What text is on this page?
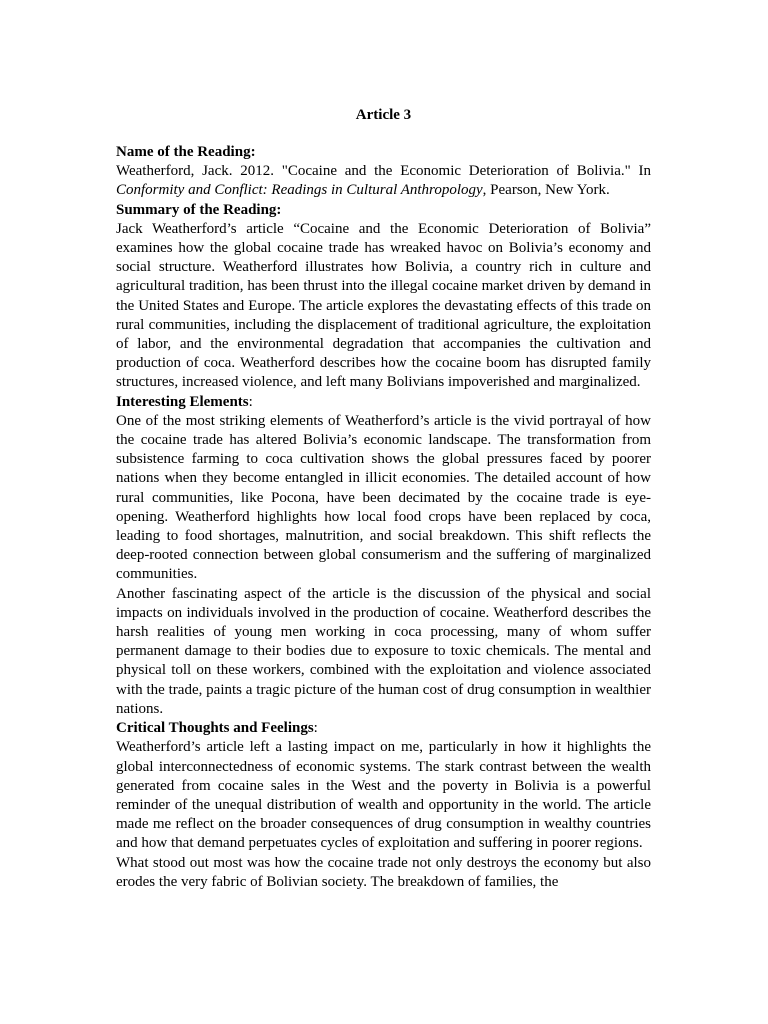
Article 3

Name of the Reading:

Weatherford, Jack. 2012. "Cocaine and the Economic Deterioration of Bolivia." In Conformity and Conflict: Readings in Cultural Anthropology, Pearson, New York.

Summary of the Reading:

Jack Weatherford’s article “Cocaine and the Economic Deterioration of Bolivia” examines how the global cocaine trade has wreaked havoc on Bolivia’s economy and social structure. Weatherford illustrates how Bolivia, a country rich in culture and agricultural tradition, has been thrust into the illegal cocaine market driven by demand in the United States and Europe. The article explores the devastating effects of this trade on rural communities, including the displacement of traditional agriculture, the exploitation of labor, and the environmental degradation that accompanies the cultivation and production of coca. Weatherford describes how the cocaine boom has disrupted family structures, increased violence, and left many Bolivians impoverished and marginalized.

Interesting Elements:

One of the most striking elements of Weatherford’s article is the vivid portrayal of how the cocaine trade has altered Bolivia’s economic landscape. The transformation from subsistence farming to coca cultivation shows the global pressures faced by poorer nations when they become entangled in illicit economies. The detailed account of how rural communities, like Pocona, have been decimated by the cocaine trade is eye-opening. Weatherford highlights how local food crops have been replaced by coca, leading to food shortages, malnutrition, and social breakdown. This shift reflects the deep-rooted connection between global consumerism and the suffering of marginalized communities.

Another fascinating aspect of the article is the discussion of the physical and social impacts on individuals involved in the production of cocaine. Weatherford describes the harsh realities of young men working in coca processing, many of whom suffer permanent damage to their bodies due to exposure to toxic chemicals. The mental and physical toll on these workers, combined with the exploitation and violence associated with the trade, paints a tragic picture of the human cost of drug consumption in wealthier nations.

Critical Thoughts and Feelings:

Weatherford’s article left a lasting impact on me, particularly in how it highlights the global interconnectedness of economic systems. The stark contrast between the wealth generated from cocaine sales in the West and the poverty in Bolivia is a powerful reminder of the unequal distribution of wealth and opportunity in the world. The article made me reflect on the broader consequences of drug consumption in wealthy countries and how that demand perpetuates cycles of exploitation and suffering in poorer regions.

What stood out most was how the cocaine trade not only destroys the economy but also erodes the very fabric of Bolivian society. The breakdown of families, the
